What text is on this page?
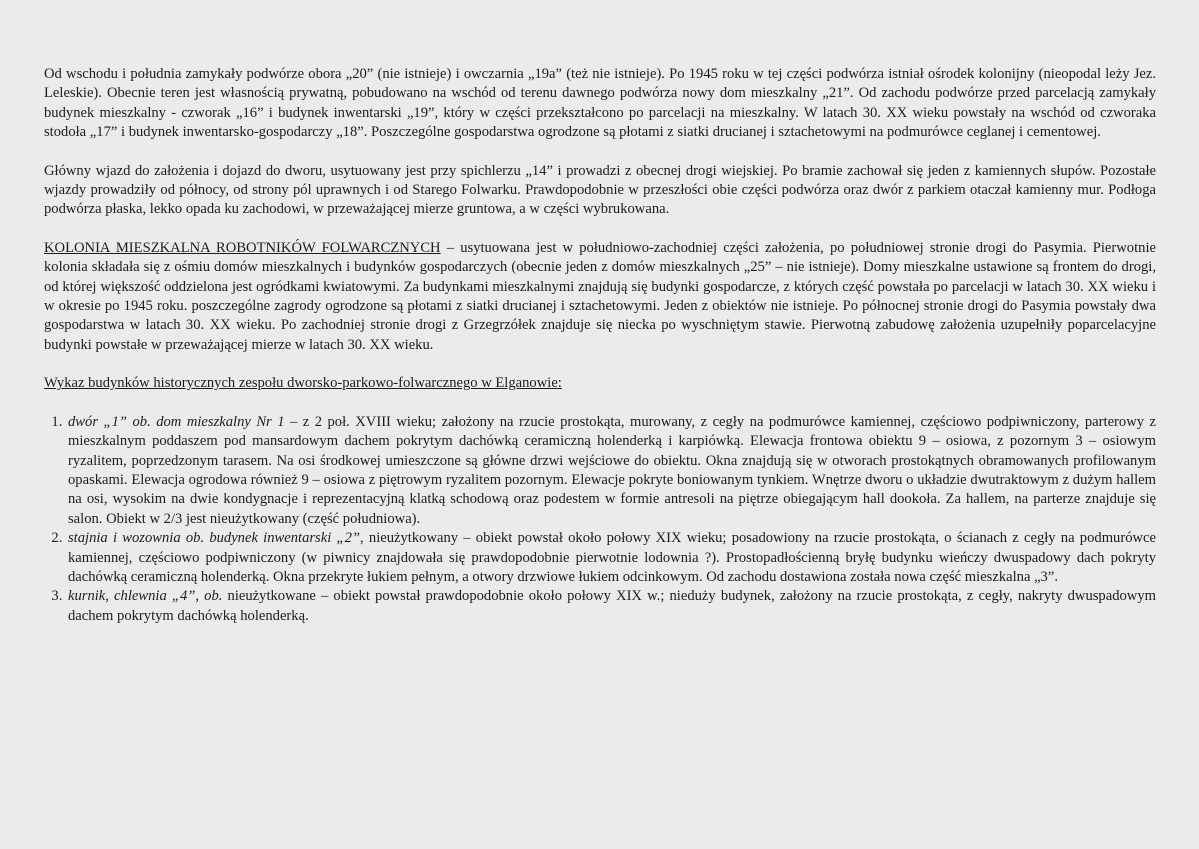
Od wschodu i południa zamykały podwórze obora „20” (nie istnieje) i owczarnia „19a” (też nie istnieje). Po 1945 roku w tej części podwórza istniał ośrodek kolonijny (nieopodal leży Jez. Leleskie). Obecnie teren jest własnością prywatną, pobudowano na wschód od terenu dawnego podwórza nowy dom mieszkalny „21”. Od zachodu podwórze przed parcelacją zamykały budynek mieszkalny - czworak „16” i budynek inwentarski „19”, który w części przekształcono po parcelacji na mieszkalny. W latach 30. XX wieku powstały na wschód od czworaka stodoła „17” i budynek inwentarsko-gospodarczy „18”. Poszczególne gospodarstwa ogrodzone są płotami z siatki drucianej i sztachetowymi na podmurówce ceglanej i cementowej.

Główny wjazd do założenia i dojazd do dworu, usytuowany jest przy spichlerzu „14” i prowadzi z obecnej drogi wiejskiej. Po bramie zachował się jeden z kamiennych słupów. Pozostałe wjazdy prowadziły od północy, od strony pól uprawnych i od Starego Folwarku. Prawdopodobnie w przeszłości obie części podwórza oraz dwór z parkiem otaczał kamienny mur. Podłoga podwórza płaska, lekko opada ku zachodowi, w przeważającej mierze gruntowa, a w części wybrukowana.

KOLONIA MIESZKALNA ROBOTNIKÓW FOLWARCZNYCH – usytuowana jest w południowo-zachodniej części założenia, po południowej stronie drogi do Pasymia. Pierwotnie kolonia składała się z ośmiu domów mieszkalnych i budynków gospodarczych (obecnie jeden z domów mieszkalnych „25” – nie istnieje). Domy mieszkalne ustawione są frontem do drogi, od której większość oddzielona jest ogródkami kwiatowymi. Za budynkami mieszkalnymi znajdują się budynki gospodarcze, z których część powstała po parcelacji w latach 30. XX wieku i w okresie po 1945 roku. poszczególne zagrody ogrodzone są płotami z siatki drucianej i sztachetowymi. Jeden z obiektów nie istnieje. Po północnej stronie drogi do Pasymia powstały dwa gospodarstwa w latach 30. XX wieku. Po zachodniej stronie drogi z Grzegrzółek znajduje się niecka po wyschniętym stawie. Pierwotną zabudowę założenia uzupełniły poparcelacyjne budynki powstałe w przeważającej mierze w latach 30. XX wieku.

Wykaz budynków historycznych zespołu dworsko-parkowo-folwarcznego w Elganowie:
1. dwór „1” ob. dom mieszkalny Nr 1 – z 2 poł. XVIII wieku; założony na rzucie prostokąta, murowany, z cegły na podmurówce kamiennej, częściowo podpiwniczony, parterowy z mieszkalnym poddaszem pod mansardowym dachem pokrytym dachówką ceramiczną holenderką i karpiówką. Elewacja frontowa obiektu 9 – osiowa, z pozornym 3 – osiowym ryzalitem, poprzedzonym tarasem. Na osi środkowej umieszczone są główne drzwi wejściowe do obiektu. Okna znajdują się w otworach prostokątnych obramowanych profilowanym opaskami. Elewacja ogrodowa również 9 – osiowa z piętrowym ryzalitem pozornym. Elewacje pokryte boniowanym tynkiem. Wnętrze dworu o układzie dwutraktowym z dużym hallem na osi, wysokim na dwie kondygnacje i reprezentacyjną klatką schodową oraz podestem w formie antresoli na piętrze obiegającym hall dookoła. Za hallem, na parterze znajduje się salon. Obiekt w 2/3 jest nieużytkowany (część południowa).
2. stajnia i wozownia ob. budynek inwentarski „2”, nieużytkowany – obiekt powstał około połowy XIX wieku; posadowiony na rzucie prostokąta, o ścianach z cegły na podmurówce kamiennej, częściowo podpiwniczony (w piwnicy znajdowała się prawdopodobnie pierwotnie lodownia ?). Prostopadłościenną bryłę budynku wieńczy dwuspadowy dach pokryty dachówką ceramiczną holenderką. Okna przekryte łukiem pełnym, a otwory drzwiowe łukiem odcinkowym. Od zachodu dostawiona została nowa część mieszkalna „3”.
3. kurnik, chlewnia „4”, ob. nieużytkowane – obiekt powstał prawdopodobnie około połowy XIX w.; nieduży budynek, założony na rzucie prostokąta, z cegły, nakryty dwuspadowym dachem pokrytym dachówką holenderką.
